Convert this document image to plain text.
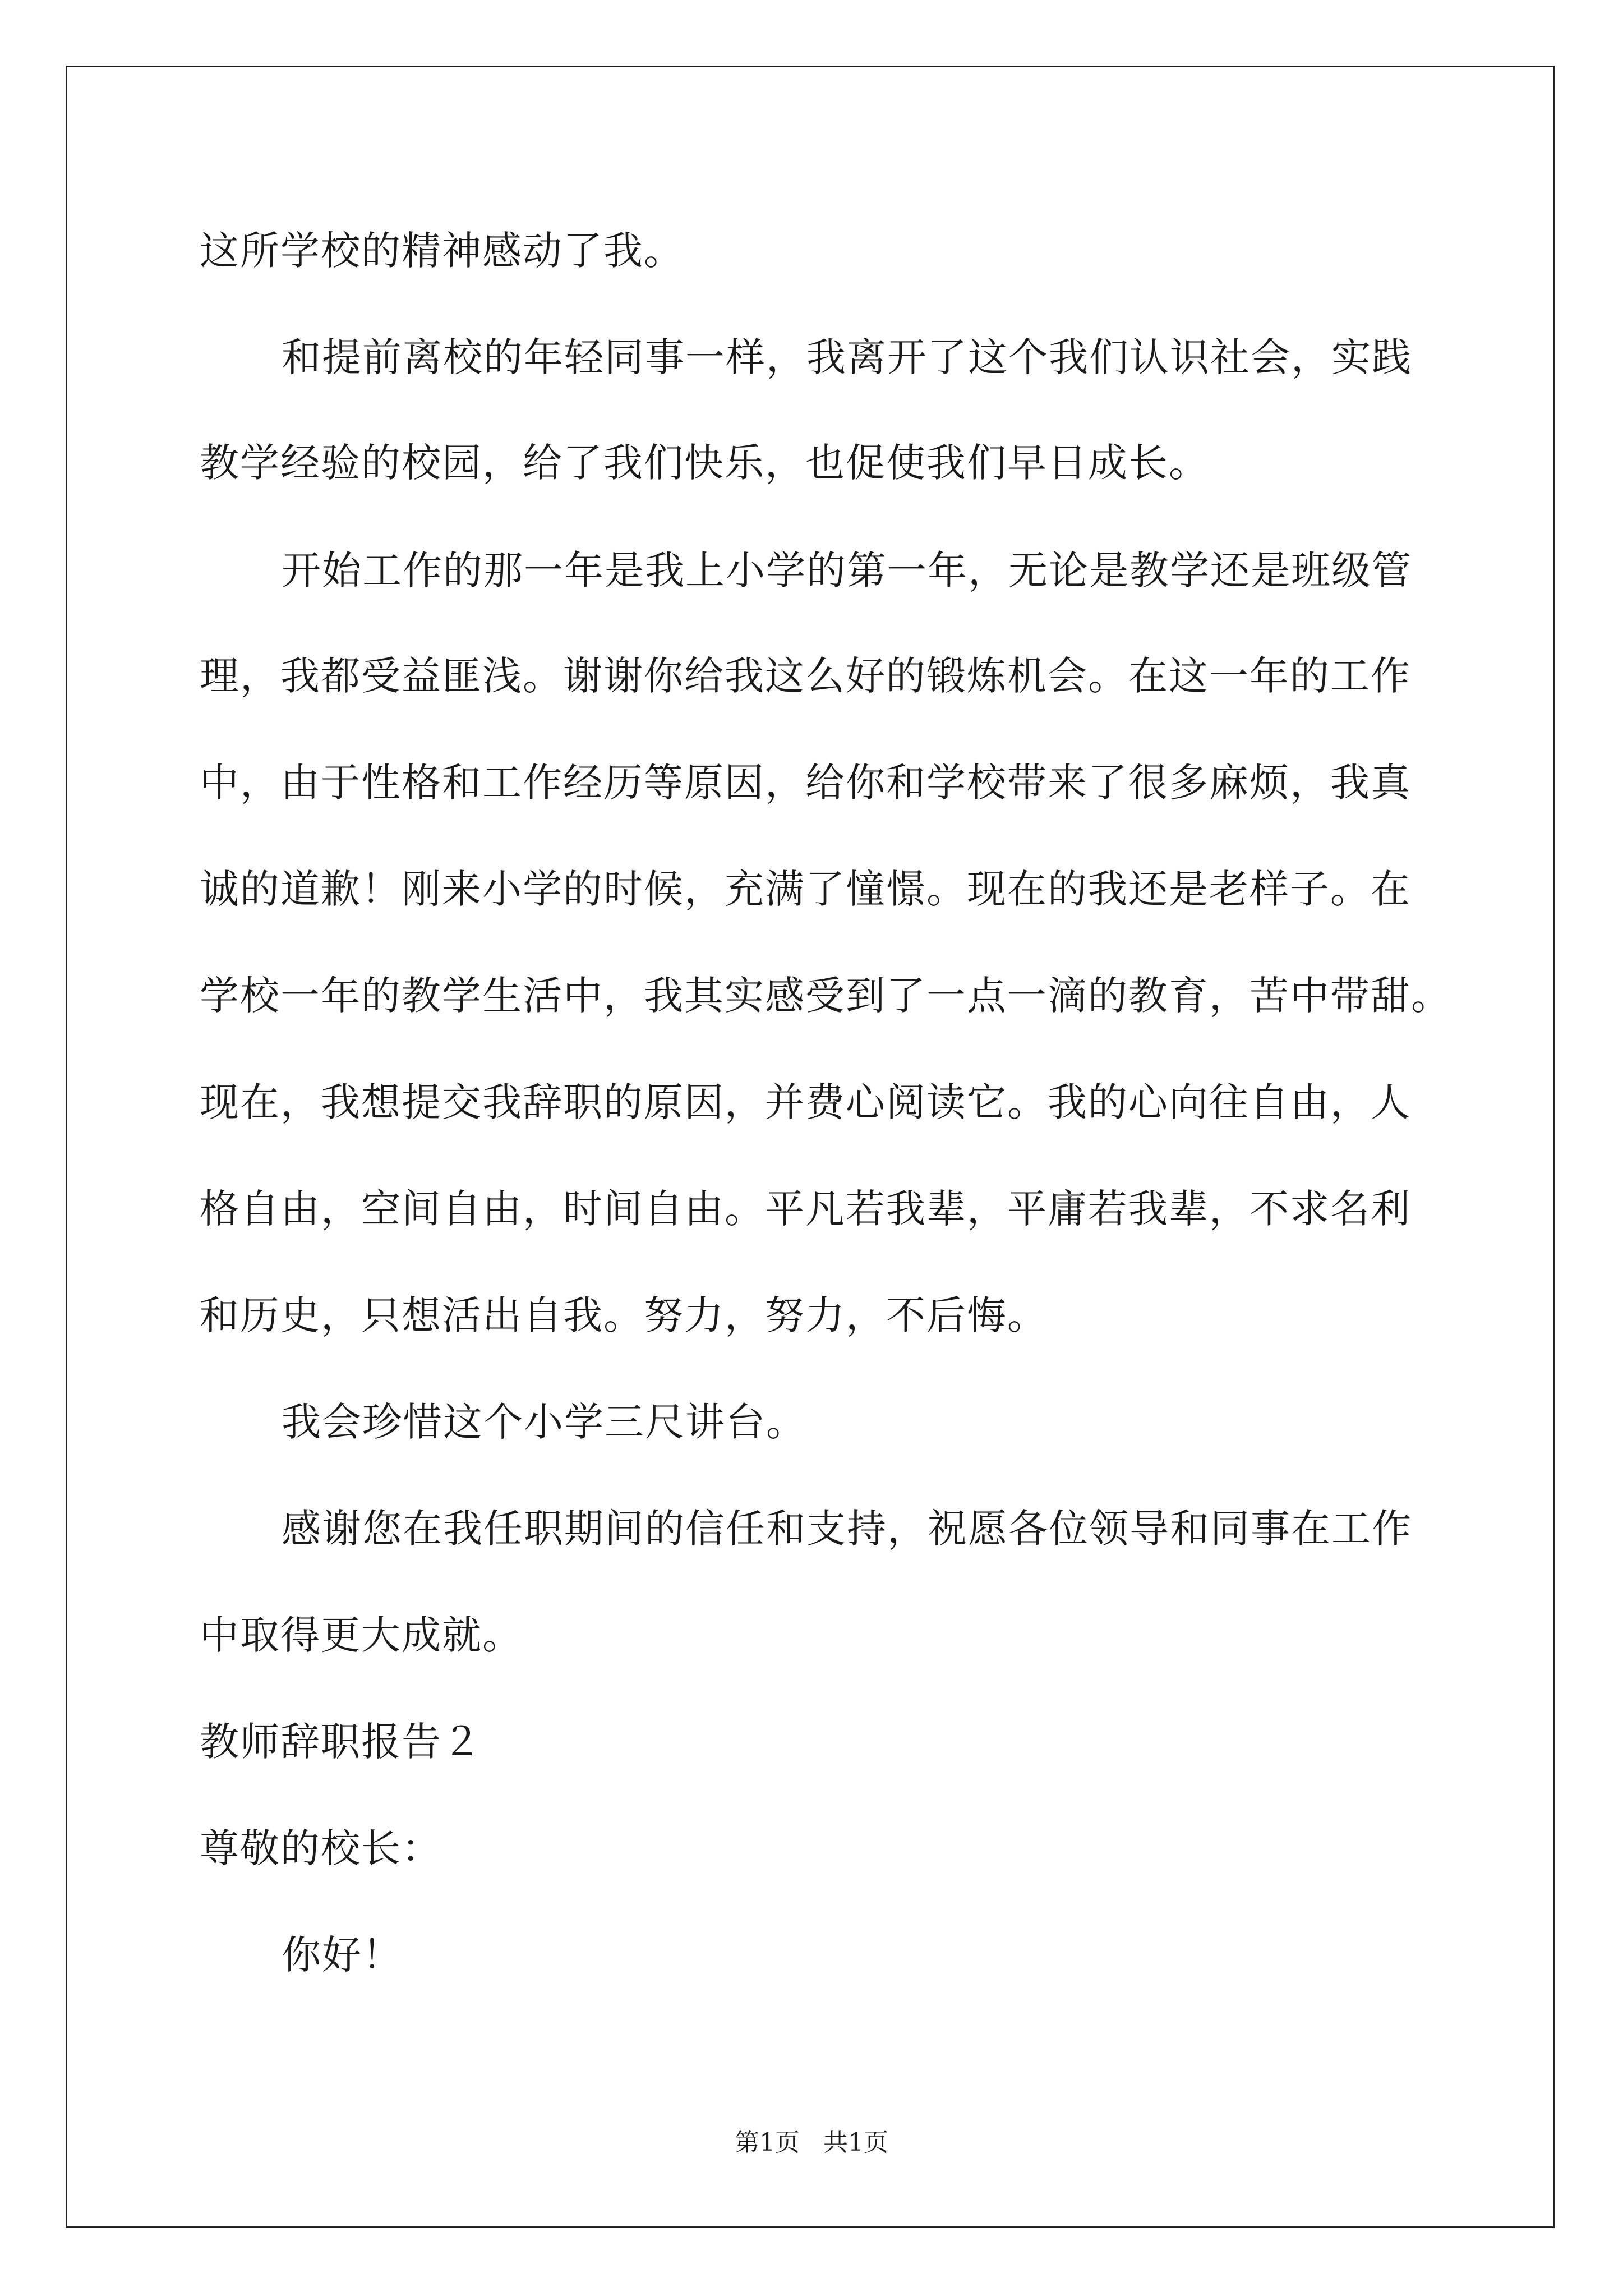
这所学校的精神感动了我。
和提前离校的年轻同事一样，我离开了这个我们认识社会，实践
教学经验的校园，给了我们快乐，也促使我们早日成长。
开始工作的那一年是我上小学的第一年，无论是教学还是班级管
理，我都受益匪浅。谢谢你给我这么好的锻炼机会。在这一年的工作
中，由于性格和工作经历等原因，给你和学校带来了很多麻烦，我真
诚的道歉！刚来小学的时候，充满了憧憬。现在的我还是老样子。在
学校一年的教学生活中，我其实感受到了一点一滴的教育，苦中带甜。
现在，我想提交我辞职的原因，并费心阅读它。我的心向往自由，人
格自由，空间自由，时间自由。平凡若我辈，平庸若我辈，不求名利
和历史，只想活出自我。努力，努力，不后悔。
我会珍惜这个小学三尺讲台。
感谢您在我任职期间的信任和支持，祝愿各位领导和同事在工作
中取得更大成就。
教师辞职报告２
尊敬的校长：
你好！
第1页   共1页
